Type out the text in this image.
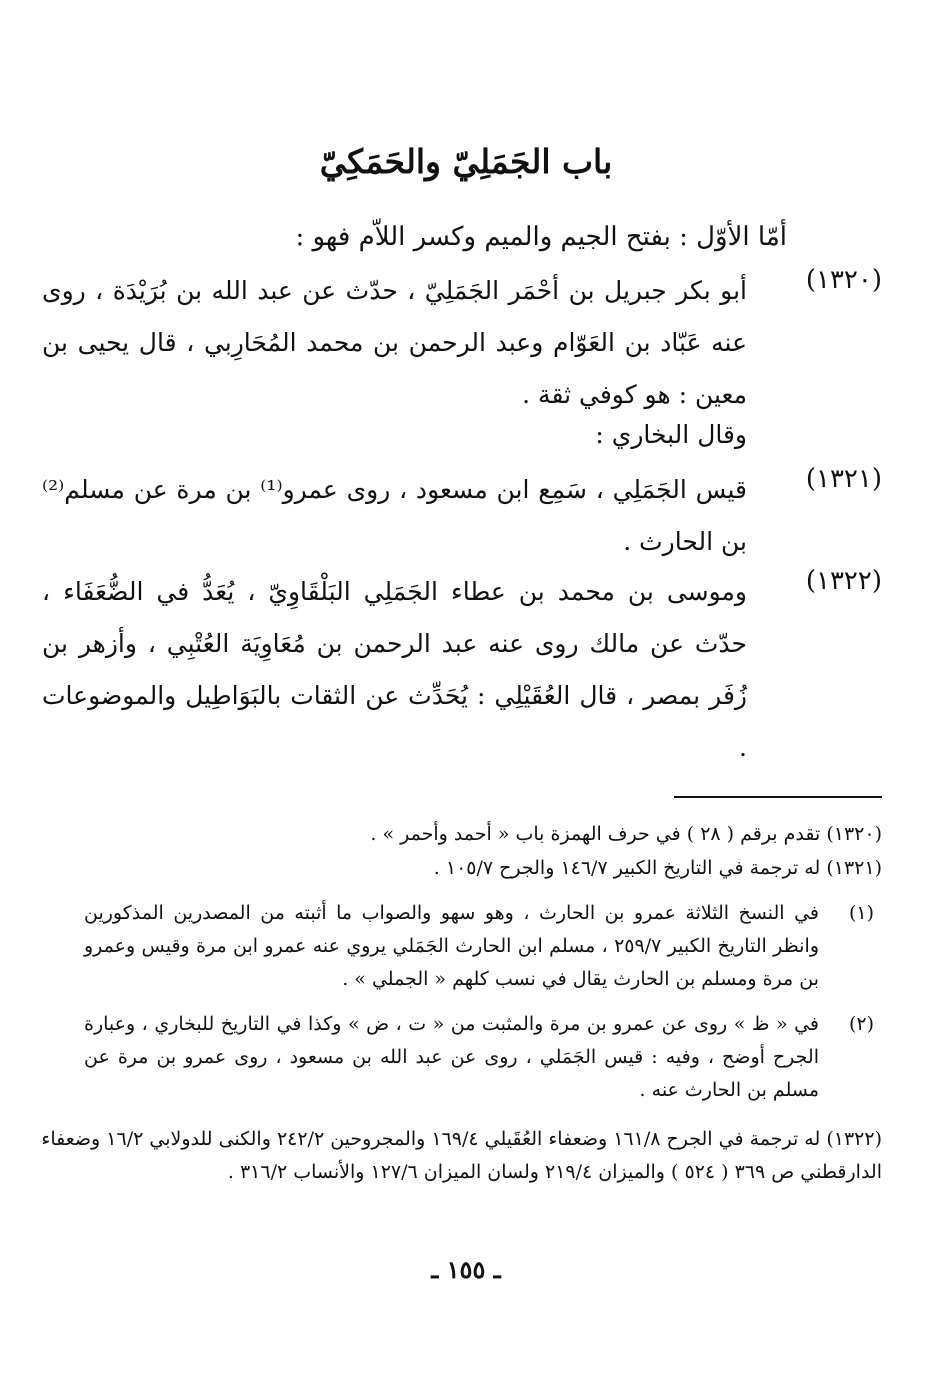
باب الجَمَلِيّ والحَمَكِيّ
أمّا الأوّل : بفتح الجيم والميم وكسر اللاّم فهو :
(١٣٢٠)
أبو بكر جبريل بن أحْمَر الجَمَلِيّ ، حدّث عن عبد الله بن بُرَيْدَة ، روى عنه عَبّاد بن العَوّام وعبد الرحمن بن محمد المُحَارِبي ، قال يحيى بن معين : هو كوفي ثقة .
وقال البخاري :
(١٣٢١)
قيس الجَمَلِي ، سَمِع ابن مسعود ، روى عمرو⁽¹⁾ بن مرة عن مسلم⁽²⁾ بن الحارث .
(١٣٢٢)
وموسى بن محمد بن عطاء الجَمَلِي البَلْقَاوِيّ ، يُعَدُّ في الضُّعَفَاء ، حدّث عن مالك روى عنه عبد الرحمن بن مُعَاوِيَة العُتْبِي ، وأزهر بن زُفَر بمصر ، قال العُقَيْلِي : يُحَدِّث عن الثقات بالبَوَاطِيل والموضوعات .
(١٣٢٠) تقدم برقم ( ٢٨ ) في حرف الهمزة باب « أحمد وأحمر » .
(١٣٢١) له ترجمة في التاريخ الكبير ١٤٦/٧ والجرح ١٠٥/٧ .
(١)
في النسخ الثلاثة عمرو بن الحارث ، وهو سهو والصواب ما أثبته من المصدرين المذكورين وانظر التاريخ الكبير ٢٥٩/٧ ، مسلم ابن الحارث الجَمَلي يروي عنه عمرو ابن مرة وقيس وعمرو بن مرة ومسلم بن الحارث يقال في نسب كلهم « الجملي » .
(٢)
في « ظ » روى عن عمرو بن مرة والمثبت من « ت ، ض » وكذا في التاريخ للبخاري ، وعبارة الجرح أوضح ، وفيه : قيس الجَمَلي ، روى عن عبد الله بن مسعود ، روى عمرو بن مرة عن مسلم بن الحارث عنه .
(١٣٢٢) له ترجمة في الجرح ١٦١/٨ وضعفاء العُقَيلي ١٦٩/٤ والمجروحين ٢٤٢/٢ والكنى للدولابي ١٦/٢ وضعفاء الدارقطني ص ٣٦٩ ( ٥٢٤ ) والميزان ٢١٩/٤ ولسان الميزان ١٢٧/٦ والأنساب ٣١٦/٢ .
ـ ١٥٥ ـ
